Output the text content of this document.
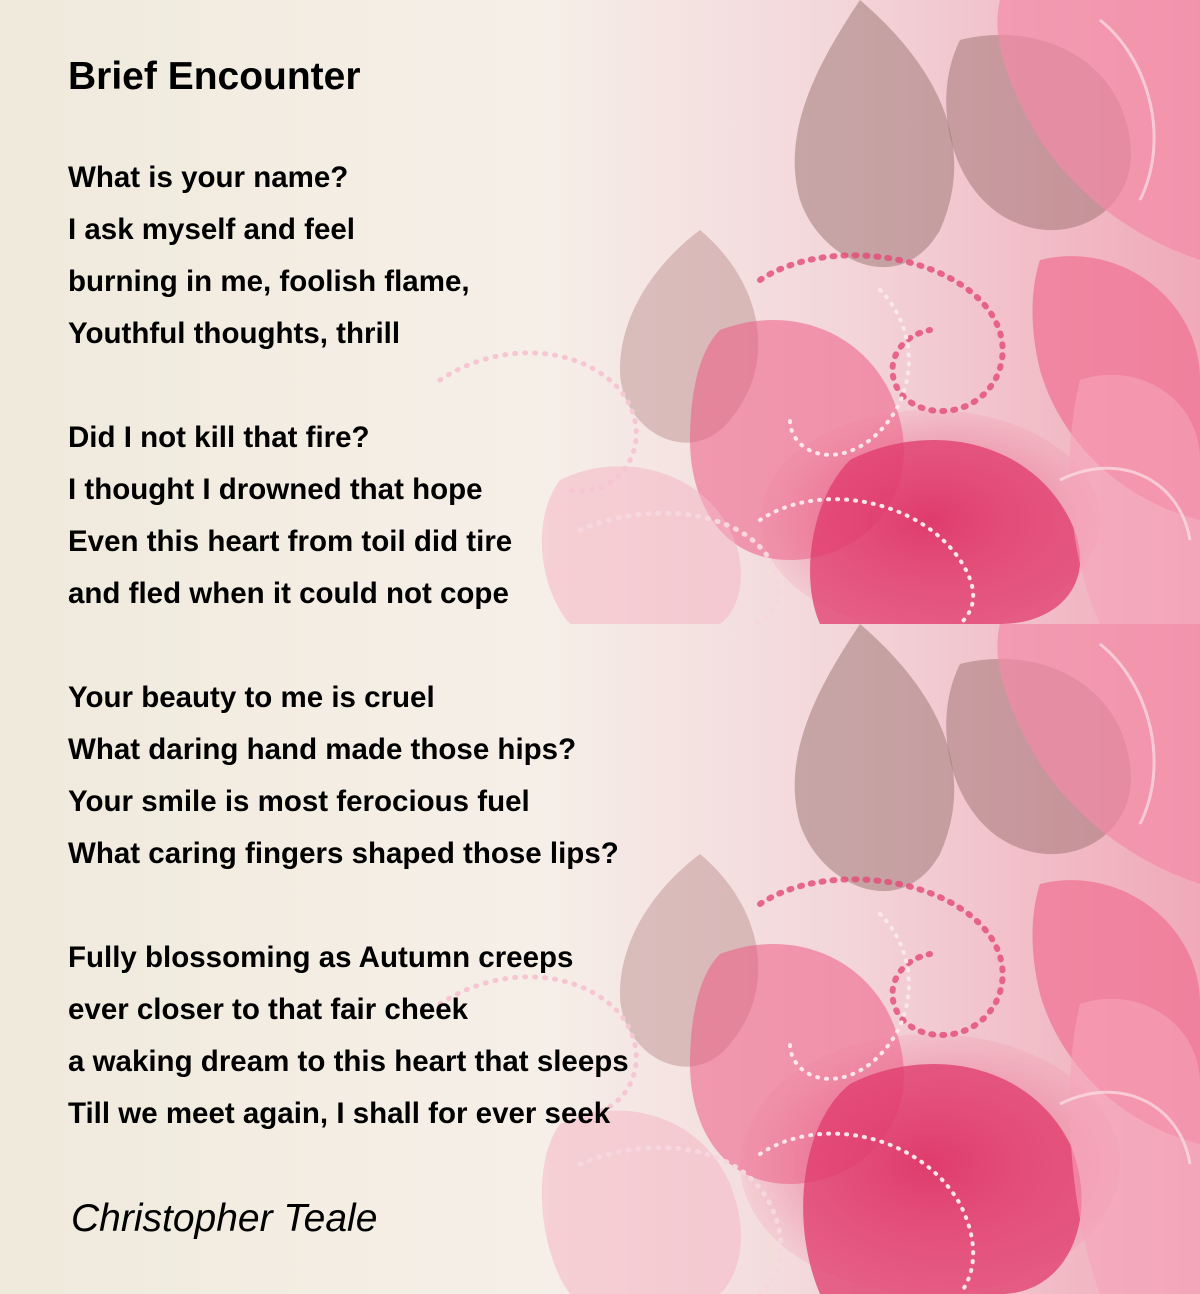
Brief Encounter
What is your name?
I ask myself and feel
burning in me, foolish flame,
Youthful thoughts, thrill
Did I not kill that fire?
I thought I drowned that hope
Even this heart from toil did tire
and fled when it could not cope
Your beauty to me is cruel
What daring hand made those hips?
Your smile is most ferocious fuel
What caring fingers shaped those lips?
Fully blossoming as Autumn creeps
ever closer to that fair cheek
a waking dream to this heart that sleeps
Till we meet again, I shall for ever seek

Christopher Teale
